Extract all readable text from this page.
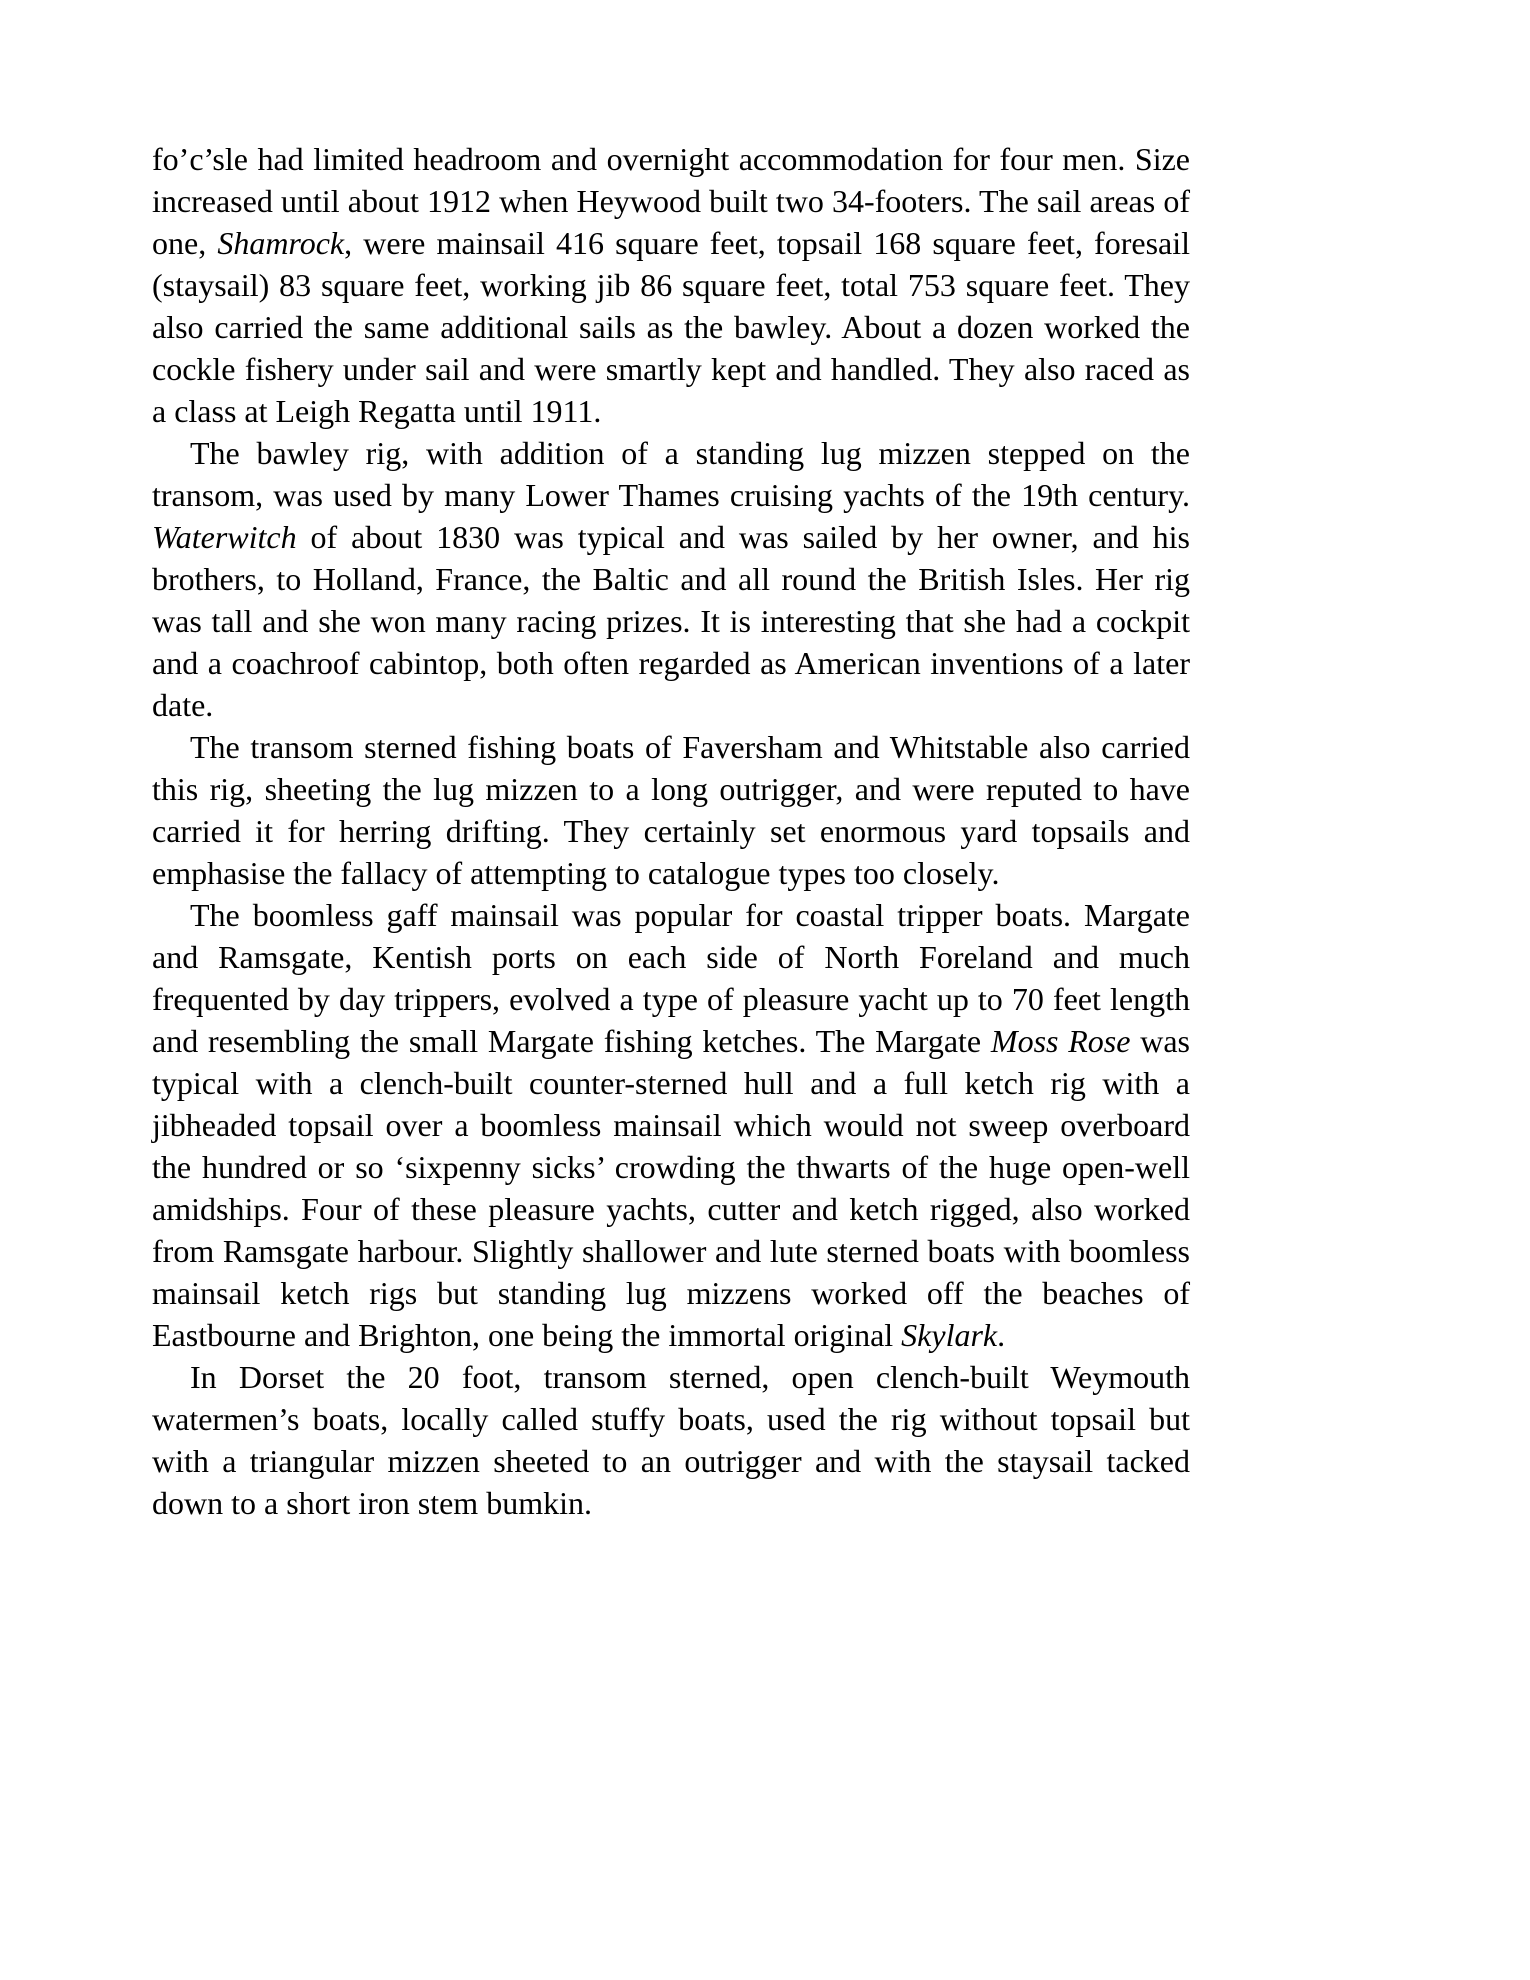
fo’c’sle had limited headroom and overnight accommodation for four men. Size increased until about 1912 when Heywood built two 34-footers. The sail areas of one, Shamrock, were mainsail 416 square feet, topsail 168 square feet, foresail (staysail) 83 square feet, working jib 86 square feet, total 753 square feet. They also carried the same additional sails as the bawley. About a dozen worked the cockle fishery under sail and were smartly kept and handled. They also raced as a class at Leigh Regatta until 1911.

The bawley rig, with addition of a standing lug mizzen stepped on the transom, was used by many Lower Thames cruising yachts of the 19th century. Waterwitch of about 1830 was typical and was sailed by her owner, and his brothers, to Holland, France, the Baltic and all round the British Isles. Her rig was tall and she won many racing prizes. It is interesting that she had a cockpit and a coachroof cabintop, both often regarded as American inventions of a later date.

The transom sterned fishing boats of Faversham and Whitstable also carried this rig, sheeting the lug mizzen to a long outrigger, and were reputed to have carried it for herring drifting. They certainly set enormous yard topsails and emphasise the fallacy of attempting to catalogue types too closely.

The boomless gaff mainsail was popular for coastal tripper boats. Margate and Ramsgate, Kentish ports on each side of North Foreland and much frequented by day trippers, evolved a type of pleasure yacht up to 70 feet length and resembling the small Margate fishing ketches. The Margate Moss Rose was typical with a clench-built counter-sterned hull and a full ketch rig with a jibheaded topsail over a boomless mainsail which would not sweep overboard the hundred or so ‘sixpenny sicks’ crowding the thwarts of the huge open-well amidships. Four of these pleasure yachts, cutter and ketch rigged, also worked from Ramsgate harbour. Slightly shallower and lute sterned boats with boomless mainsail ketch rigs but standing lug mizzens worked off the beaches of Eastbourne and Brighton, one being the immortal original Skylark.

In Dorset the 20 foot, transom sterned, open clench-built Weymouth watermen’s boats, locally called stuffy boats, used the rig without topsail but with a triangular mizzen sheeted to an outrigger and with the staysail tacked down to a short iron stem bumkin.
